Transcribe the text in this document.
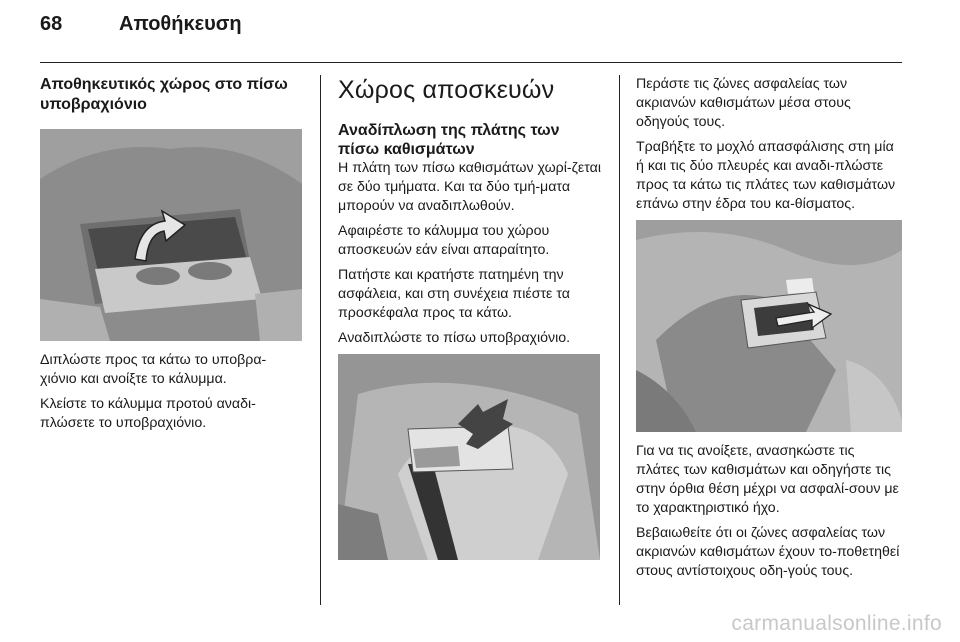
68	Αποθήκευση
Αποθηκευτικός χώρος στο πίσω υποβραχιόνιο

Διπλώστε προς τα κάτω το υποβρα-χιόνιο και ανοίξτε το κάλυμμα.

Κλείστε το κάλυμμα προτού αναδι-πλώσετε το υποβραχιόνιο.

Χώρος αποσκευών
Αναδίπλωση της πλάτης των πίσω καθισμάτων

Η πλάτη των πίσω καθισμάτων χωρί-ζεται σε δύο τμήματα. Και τα δύο τμή-ματα μπορούν να αναδιπλωθούν.

Αφαιρέστε το κάλυμμα του χώρου αποσκευών εάν είναι απαραίτητο.

Πατήστε και κρατήστε πατημένη την ασφάλεια, και στη συνέχεια πιέστε τα προσκέφαλα προς τα κάτω.

Αναδιπλώστε το πίσω υποβραχιόνιο.

Περάστε τις ζώνες ασφαλείας των ακριανών καθισμάτων μέσα στους οδηγούς τους.

Τραβήξτε το μοχλό απασφάλισης στη μία ή και τις δύο πλευρές και αναδι-πλώστε προς τα κάτω τις πλάτες των καθισμάτων επάνω στην έδρα του κα-θίσματος.

Για να τις ανοίξετε, ανασηκώστε τις πλάτες των καθισμάτων και οδηγήστε τις στην όρθια θέση μέχρι να ασφαλί-σουν με το χαρακτηριστικό ήχο.

Βεβαιωθείτε ότι οι ζώνες ασφαλείας των ακριανών καθισμάτων έχουν το-ποθετηθεί στους αντίστοιχους οδη-γούς τους.

carmanualsonline.info
